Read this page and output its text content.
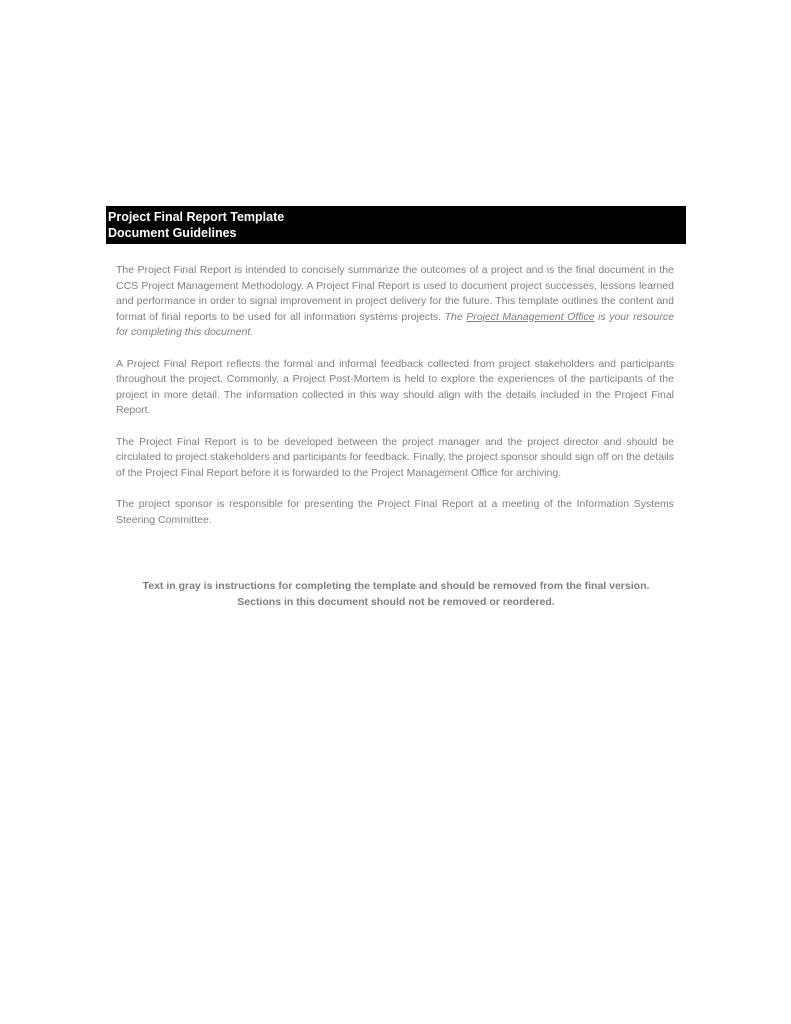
Project Final Report Template
Document Guidelines

The Project Final Report is intended to concisely summarize the outcomes of a project and is the final document in the CCS Project Management Methodology. A Project Final Report is used to document project successes, lessons learned and performance in order to signal improvement in project delivery for the future. This template outlines the content and format of final reports to be used for all information systems projects. The Project Management Office is your resource for completing this document.

A Project Final Report reflects the formal and informal feedback collected from project stakeholders and participants throughout the project. Commonly, a Project Post-Mortem is held to explore the experiences of the participants of the project in more detail. The information collected in this way should align with the details included in the Project Final Report.

The Project Final Report is to be developed between the project manager and the project director and should be circulated to project stakeholders and participants for feedback. Finally, the project sponsor should sign off on the details of the Project Final Report before it is forwarded to the Project Management Office for archiving.

The project sponsor is responsible for presenting the Project Final Report at a meeting of the Information Systems Steering Committee.

Text in gray is instructions for completing the template and should be removed from the final version.
Sections in this document should not be removed or reordered.
